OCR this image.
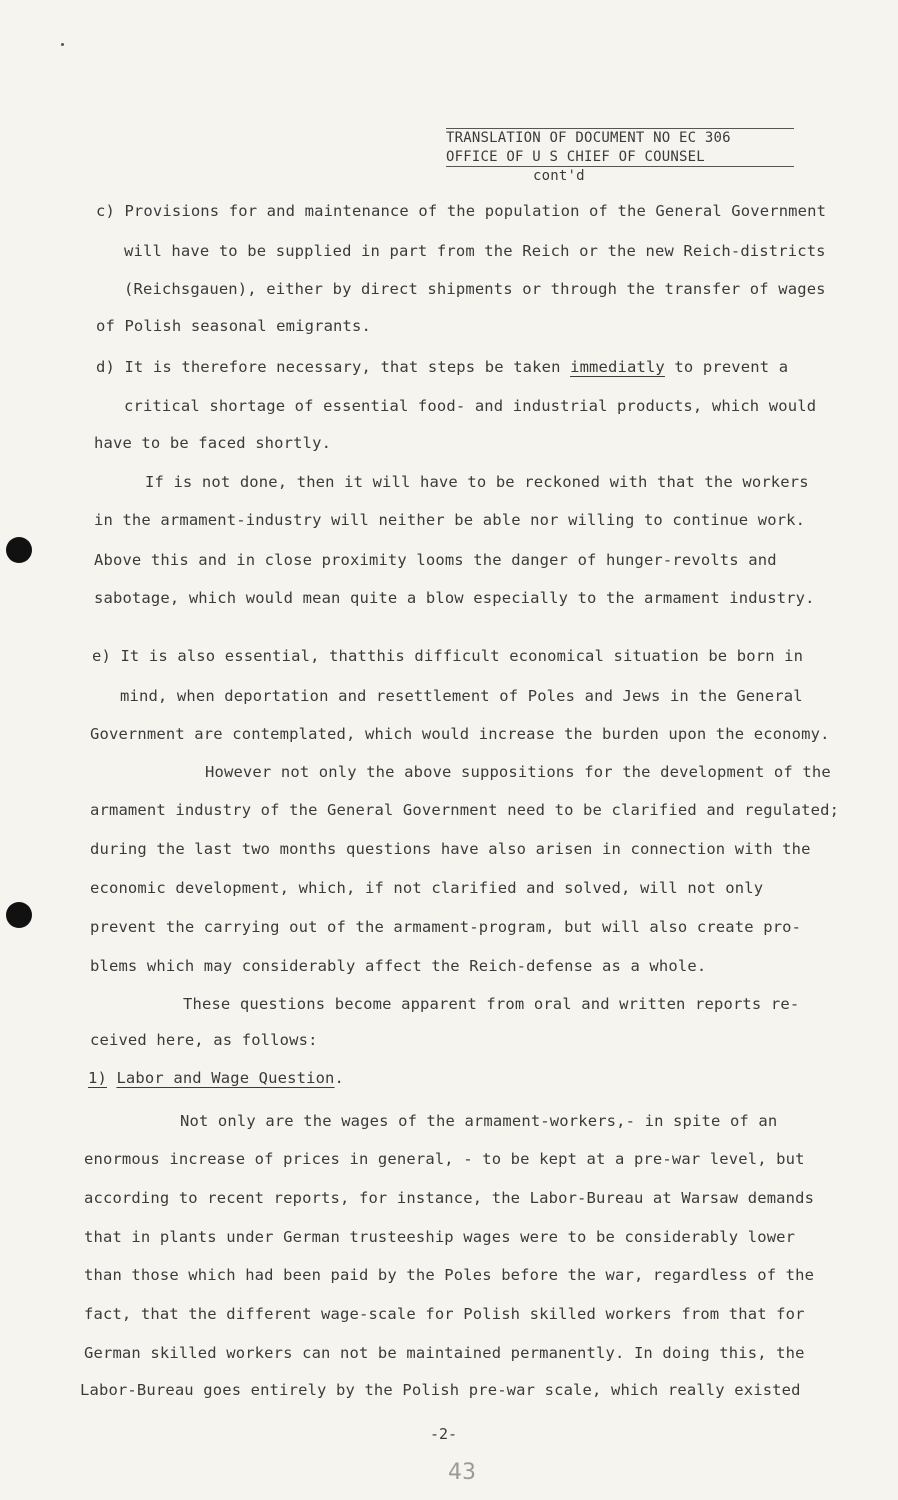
TRANSLATION OF DOCUMENT NO EC 306
OFFICE OF U S CHIEF OF COUNSEL
cont'd
c) Provisions for and maintenance of the population of the General Government
will have to be supplied in part from the Reich or the new Reich-districts
(Reichsgauen), either by direct shipments or through the transfer of wages
of Polish seasonal emigrants.
d) It is therefore necessary, that steps be taken immediatly to prevent a
critical shortage of essential food- and industrial products, which would
have to be faced shortly.
If is not done, then it will have to be reckoned with that the workers
in the armament-industry will neither be able nor willing to continue work.
Above this and in close proximity looms the danger of hunger-revolts and
sabotage, which would mean quite a blow especially to the armament industry.
e) It is also essential, thatthis difficult economical situation be born in
mind, when deportation and resettlement of Poles and Jews in the General
Government are contemplated, which would increase the burden upon the economy.
However not only the above suppositions for the development of the
armament industry of the General Government need to be clarified and regulated;
during the last two months questions have also arisen in connection with the
economic development, which, if not clarified and solved, will not only
prevent the carrying out of the armament-program, but will also create pro-
blems which may considerably affect the Reich-defense as a whole.
These questions become apparent from oral and written reports re-
ceived here, as follows:
1) Labor and Wage Question.
Not only are the wages of the armament-workers,- in spite of an
enormous increase of prices in general, - to be kept at a pre-war level, but
according to recent reports, for instance, the Labor-Bureau at Warsaw demands
that in plants under German trusteeship wages were to be considerably lower
than those which had been paid by the Poles before the war, regardless of the
fact, that the different wage-scale for Polish skilled workers from that for
German skilled workers can not be maintained permanently. In doing this, the
Labor-Bureau goes entirely by the Polish pre-war scale, which really existed
-2-
43
